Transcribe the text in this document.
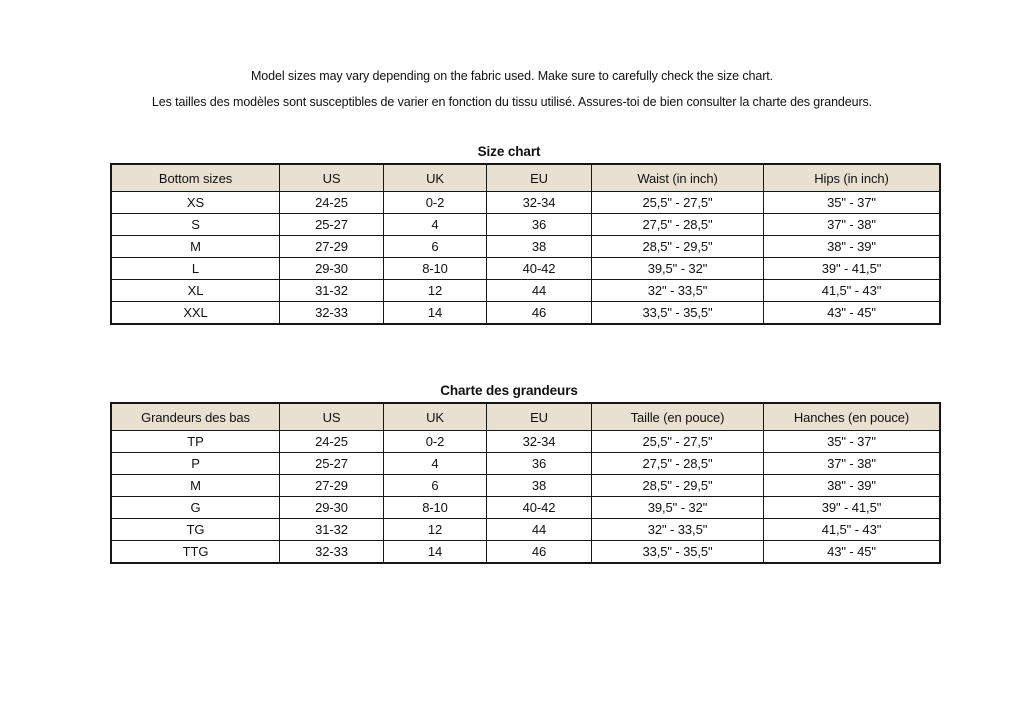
Model sizes may vary depending on the fabric used. Make sure to carefully check the size chart.
Les tailles des modèles sont susceptibles de varier en fonction du tissu utilisé. Assures-toi de bien consulter la charte des grandeurs.
Size chart
Bottom sizes	US	UK	EU	Waist (in inch)	Hips (in inch)
XS	24-25	0-2	32-34	25,5" - 27,5"	35" - 37"
S	25-27	4	36	27,5" - 28,5"	37" - 38"
M	27-29	6	38	28,5" - 29,5"	38" - 39"
L	29-30	8-10	40-42	39,5" - 32"	39" - 41,5"
XL	31-32	12	44	32" - 33,5"	41,5" - 43"
XXL	32-33	14	46	33,5" - 35,5"	43" - 45"
Charte des grandeurs
Grandeurs des bas	US	UK	EU	Taille (en pouce)	Hanches (en pouce)
TP	24-25	0-2	32-34	25,5" - 27,5"	35" - 37"
P	25-27	4	36	27,5" - 28,5"	37" - 38"
M	27-29	6	38	28,5" - 29,5"	38" - 39"
G	29-30	8-10	40-42	39,5" - 32"	39" - 41,5"
TG	31-32	12	44	32" - 33,5"	41,5" - 43"
TTG	32-33	14	46	33,5" - 35,5"	43" - 45"
